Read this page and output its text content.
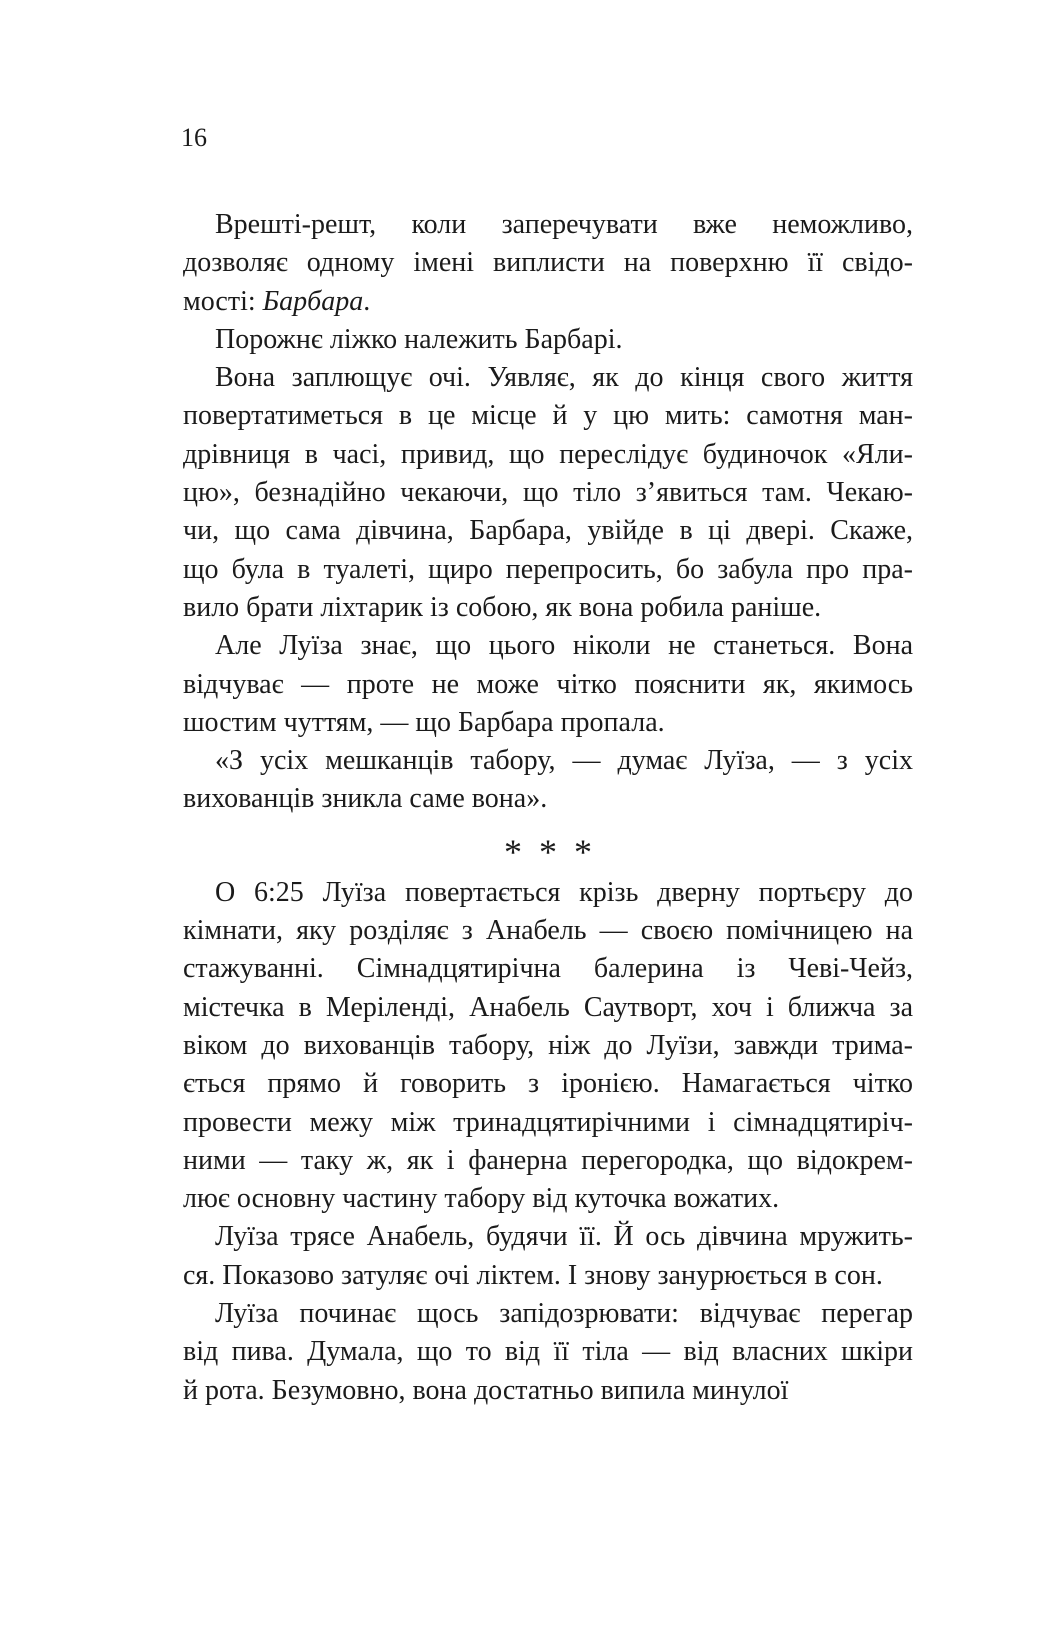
16
Врешті-решт, коли заперечувати вже неможливо,
дозволяє одному імені виплисти на поверхню її свідо-
мості: Барбара.
Порожнє ліжко належить Барбарі.
Вона заплющує очі. Уявляє, як до кінця свого життя
повертатиметься в це місце й у цю мить: самотня ман-
дрівниця в часі, привид, що переслідує будиночок «Яли-
цю», безнадійно чекаючи, що тіло з’явиться там. Чекаю-
чи, що сама дівчина, Барбара, увійде в ці двері. Скаже,
що була в туалеті, щиро перепросить, бо забула про пра-
вило брати ліхтарик із собою, як вона робила раніше.
Але Луїза знає, що цього ніколи не станеться. Вона
відчуває — проте не може чітко пояснити як, якимось
шостим чуттям, — що Барбара пропала.
«З усіх мешканців табору, — думає Луїза, — з усіх
вихованців зникла саме вона».
* * *
О 6:25 Луїза повертається крізь дверну портьєру до
кімнати, яку розділяє з Анабель — своєю помічницею на
стажуванні. Сімнадцятирічна балерина із Чеві-Чейз,
містечка в Меріленді, Анабель Саутворт, хоч і ближча за
віком до вихованців табору, ніж до Луїзи, завжди трима-
ється прямо й говорить з іронією. Намагається чітко
провести межу між тринадцятирічними і сімнадцятиріч-
ними — таку ж, як і фанерна перегородка, що відокрем-
лює основну частину табору від куточка вожатих.
Луїза трясе Анабель, будячи її. Й ось дівчина мружить-
ся. Показово затуляє очі ліктем. І знову занурюється в сон.
Луїза починає щось запідозрювати: відчуває перегар
від пива. Думала, що то від її тіла — від власних шкіри
й рота. Безумовно, вона достатньо випила минулої
